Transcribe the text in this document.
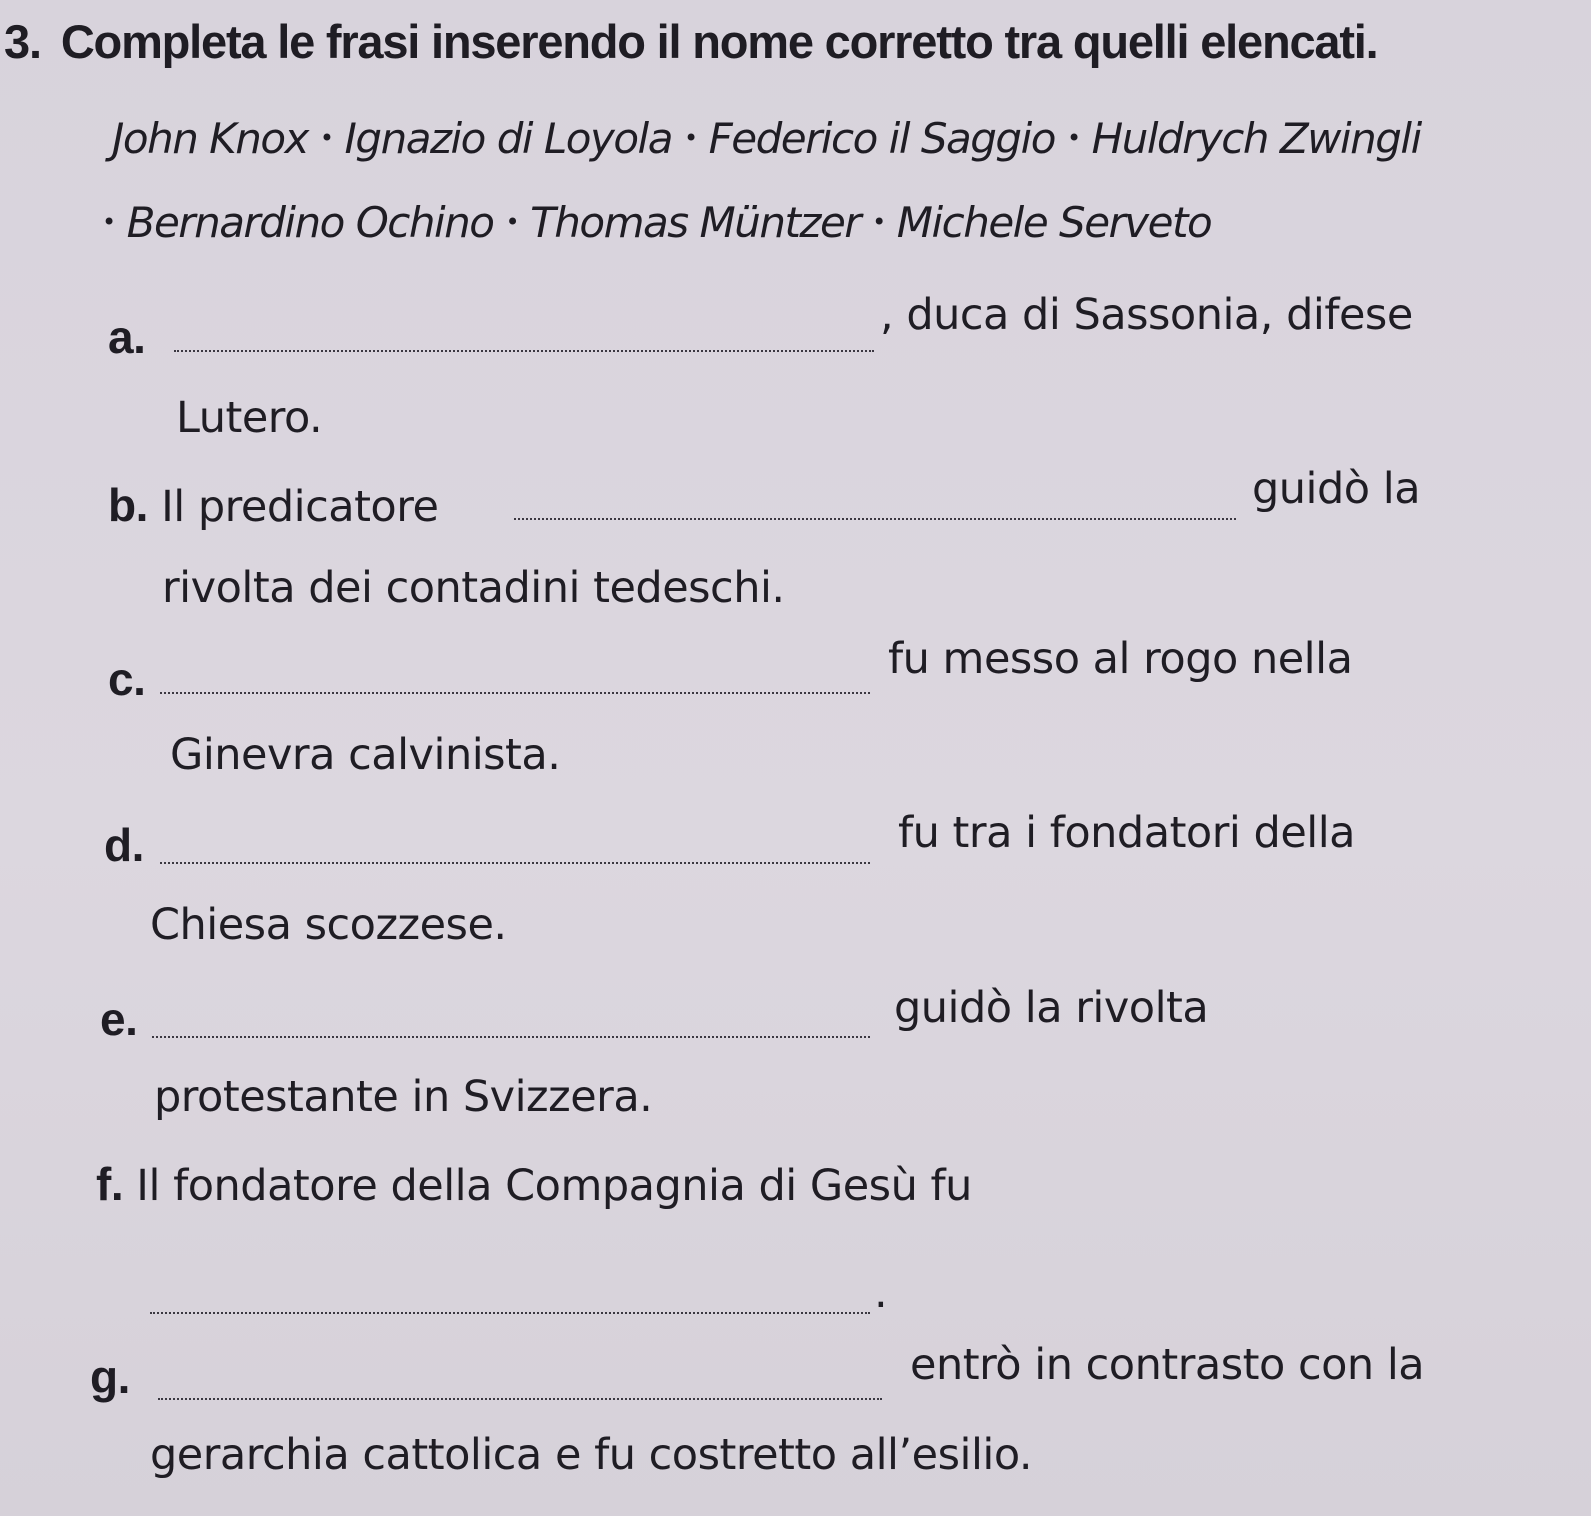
3. Completa le frasi inserendo il nome corretto tra quelli elencati.
John Knox • Ignazio di Loyola • Federico il Saggio • Huldrych Zwingli
• Bernardino Ochino • Thomas Müntzer • Michele Serveto
a.	, duca di Sassonia, difese
Lutero.
b. Il predicatore	guidò la
rivolta dei contadini tedeschi.
c.	fu messo al rogo nella
Ginevra calvinista.
d.	fu tra i fondatori della
Chiesa scozzese.
e.	guidò la rivolta
protestante in Svizzera.
f. Il fondatore della Compagnia di Gesù fu
.
g.	entrò in contrasto con la
gerarchia cattolica e fu costretto all’esilio.
